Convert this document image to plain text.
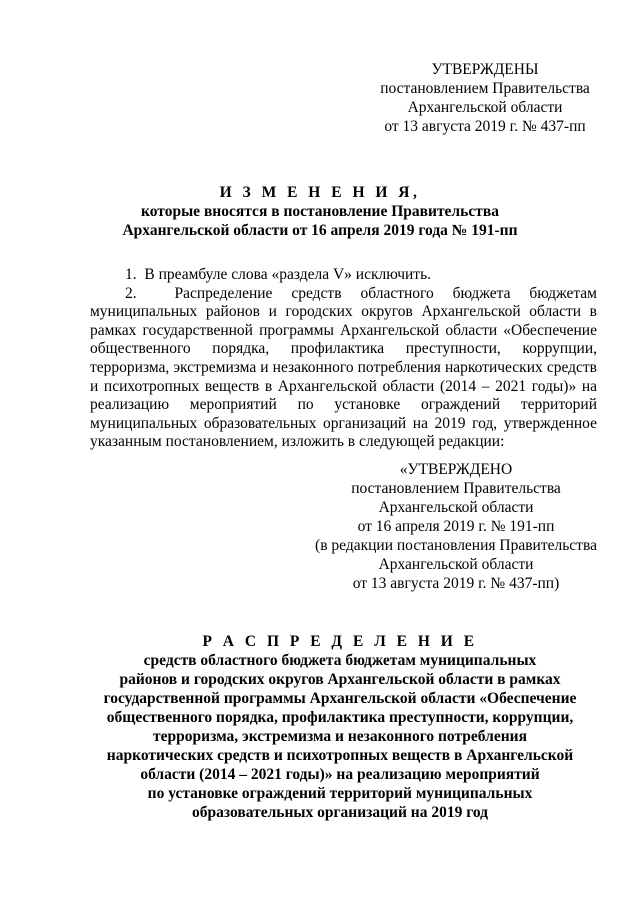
УТВЕРЖДЕНЫ
постановлением Правительства
Архангельской области
от 13 августа 2019 г. № 437-пп
И З М Е Н Е Н И Я,
которые вносятся в постановление Правительства
Архангельской области от 16 апреля 2019 года № 191-пп

1.  В преамбуле слова «раздела V» исключить.

2.  Распределение средств областного бюджета бюджетам муниципальных районов и городских округов Архангельской области в рамках государственной программы Архангельской области «Обеспечение общественного порядка, профилактика преступности, коррупции, терроризма, экстремизма и незаконного потребления наркотических средств и психотропных веществ в Архангельской области (2014 – 2021 годы)» на реализацию мероприятий по установке ограждений территорий муниципальных образовательных организаций на 2019 год, утвержденное указанным постановлением, изложить в следующей редакции:

«УТВЕРЖДЕНО
постановлением Правительства
Архангельской области
от 16 апреля 2019 г. № 191-пп
(в редакции постановления Правительства
Архангельской области
от 13 августа 2019 г. № 437-пп)
Р А С П Р Е Д Е Л Е Н И Е
средств областного бюджета бюджетам муниципальных
районов и городских округов Архангельской области в рамках
государственной программы Архангельской области «Обеспечение
общественного порядка, профилактика преступности, коррупции,
терроризма, экстремизма и незаконного потребления
наркотических средств и психотропных веществ в Архангельской
области (2014 – 2021 годы)» на реализацию мероприятий
по установке ограждений территорий муниципальных
образовательных организаций на 2019 год
